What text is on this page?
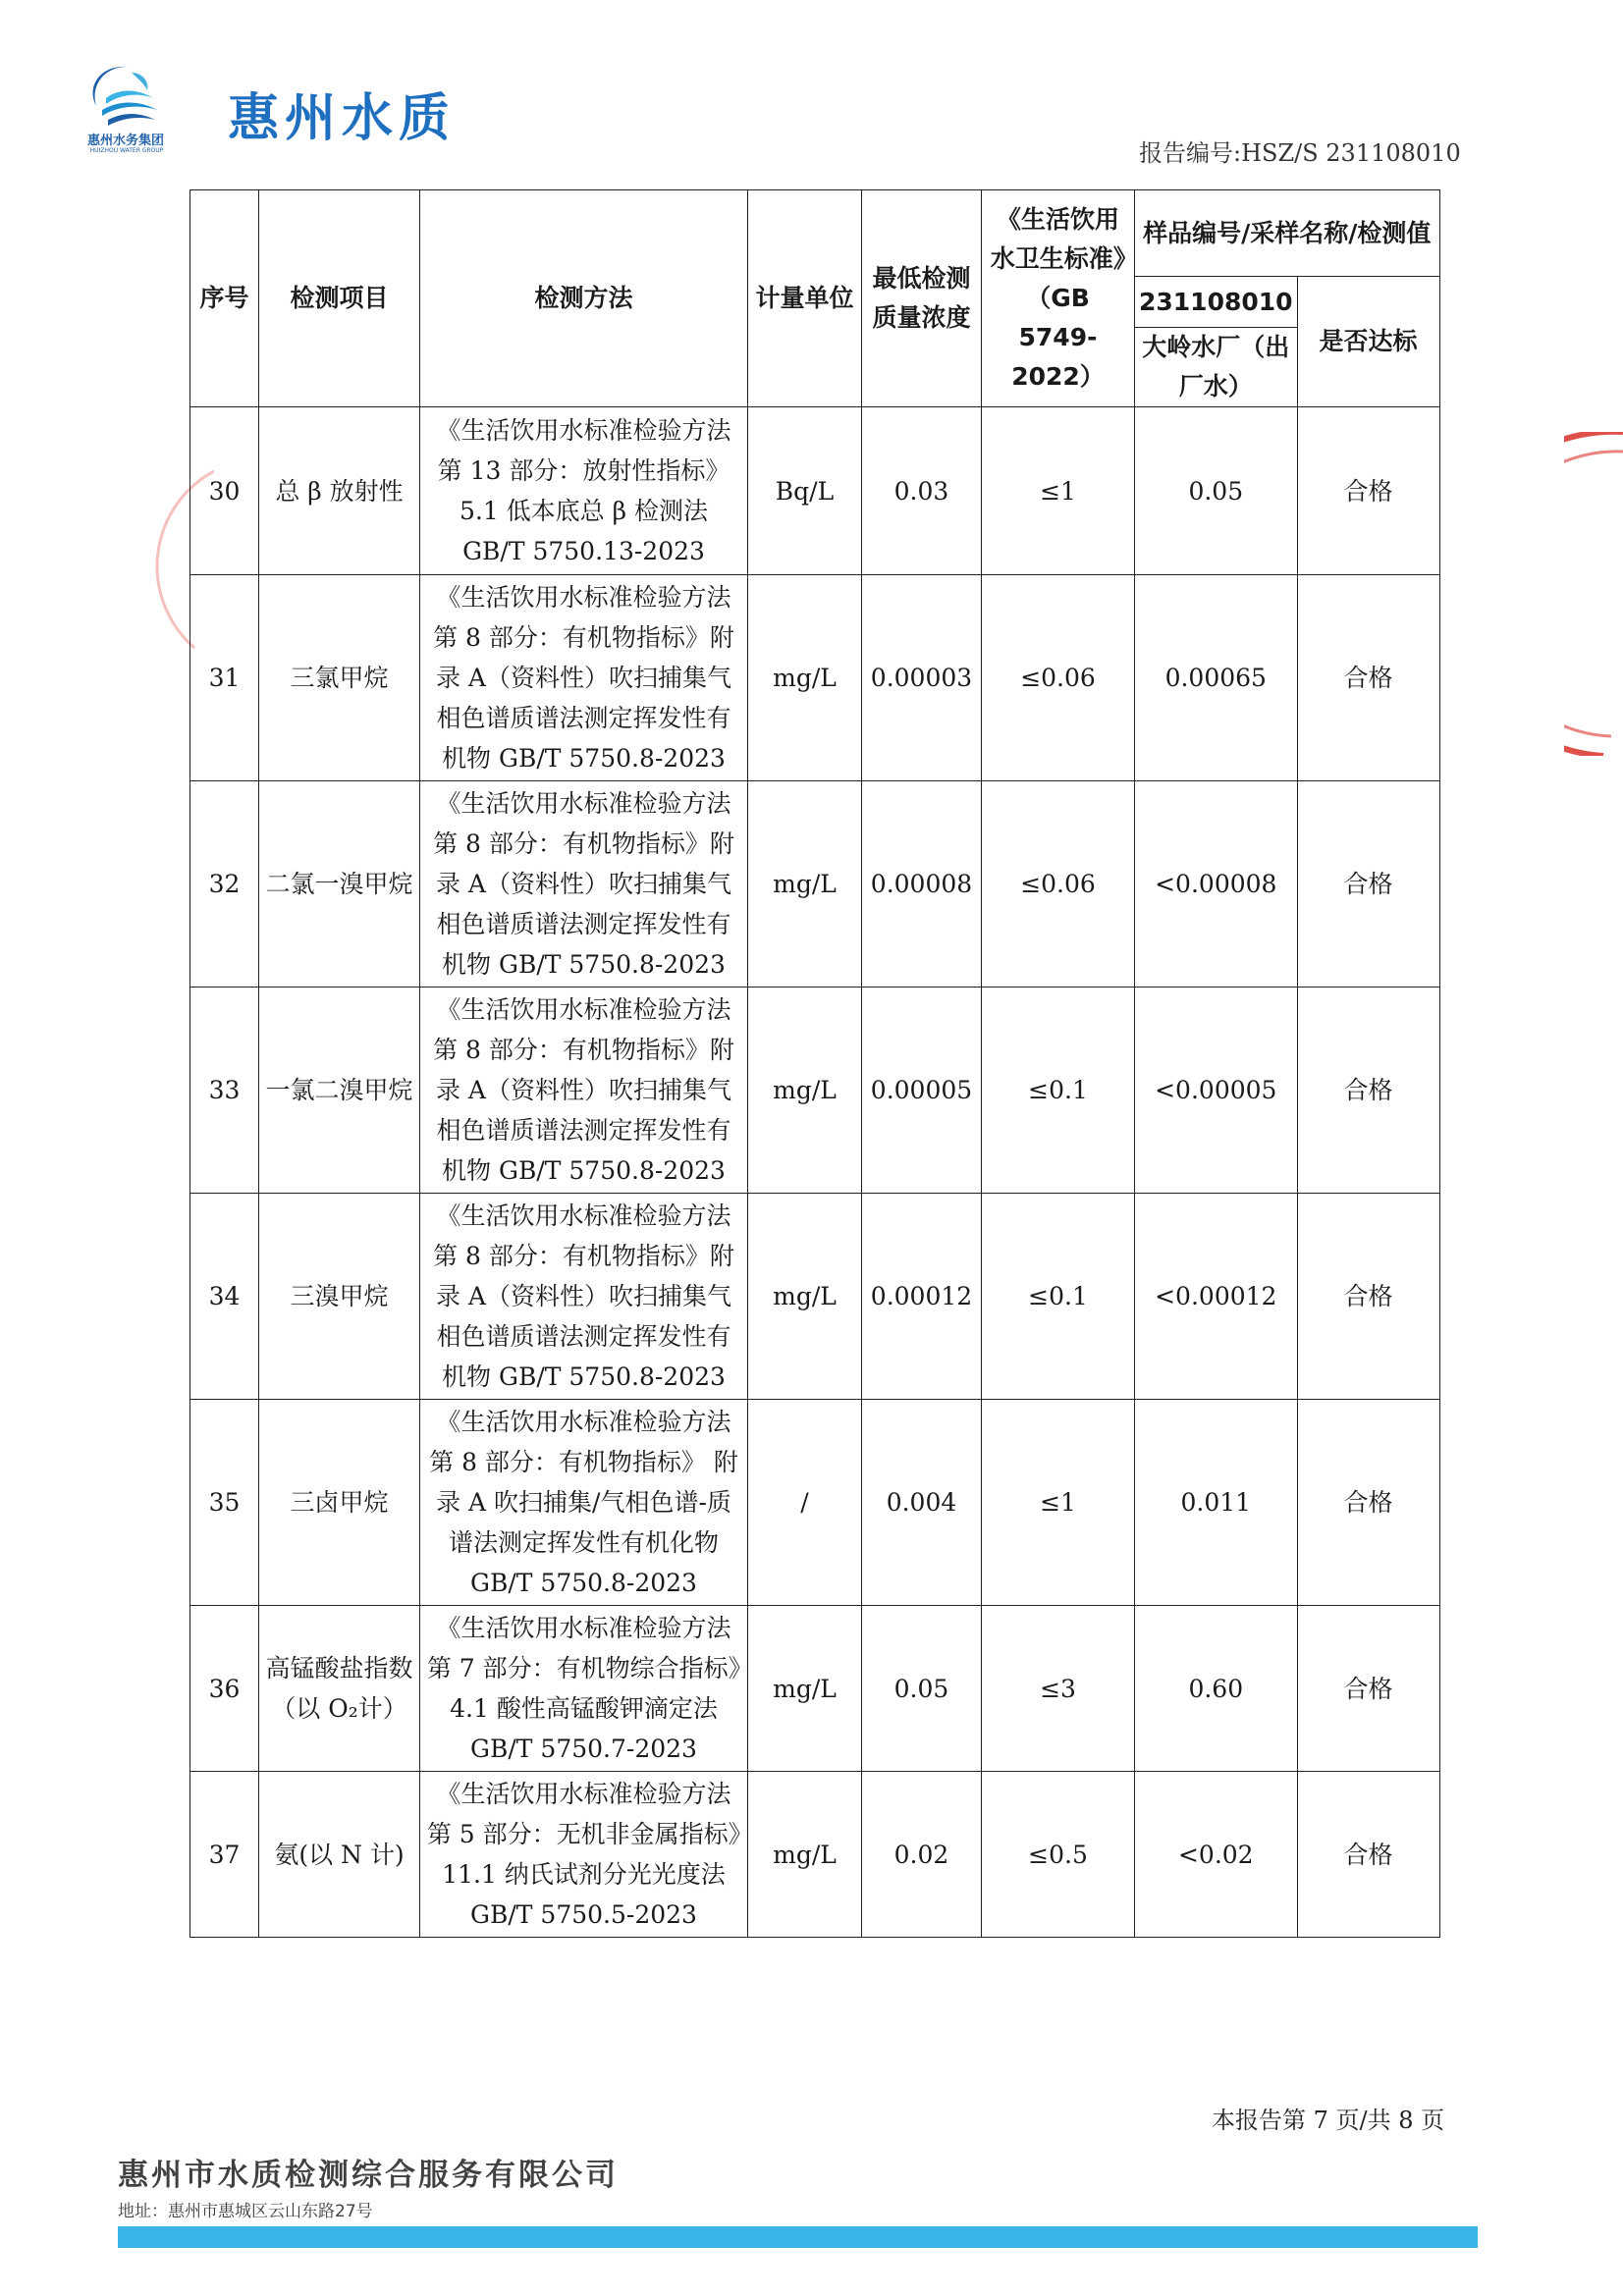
惠州水务集团
HUIZHOU WATER GROUP
惠州水质
报告编号:HSZ/S 231108010
序号	检测项目	检测方法	计量单位	最低检测质量浓度	《生活饮用水卫生标准》（GB 5749-2022）	样品编号/采样名称/检测值	
						231108010	是否达标
						大岭水厂（出厂水）	
30	总 β 放射性	《生活饮用水标准检验方法 第 13 部分：放射性指标》 5.1 低本底总 β 检测法 GB/T 5750.13-2023	Bq/L	0.03	≤1	0.05	合格
31	三氯甲烷	《生活饮用水标准检验方法 第 8 部分：有机物指标》附录 A（资料性）吹扫捕集气相色谱质谱法测定挥发性有机物 GB/T 5750.8-2023	mg/L	0.00003	≤0.06	0.00065	合格
32	二氯一溴甲烷	《生活饮用水标准检验方法 第 8 部分：有机物指标》附录 A（资料性）吹扫捕集气相色谱质谱法测定挥发性有机物 GB/T 5750.8-2023	mg/L	0.00008	≤0.06	<0.00008	合格
33	一氯二溴甲烷	《生活饮用水标准检验方法 第 8 部分：有机物指标》附录 A（资料性）吹扫捕集气相色谱质谱法测定挥发性有机物 GB/T 5750.8-2023	mg/L	0.00005	≤0.1	<0.00005	合格
34	三溴甲烷	《生活饮用水标准检验方法 第 8 部分：有机物指标》附录 A（资料性）吹扫捕集气相色谱质谱法测定挥发性有机物 GB/T 5750.8-2023	mg/L	0.00012	≤0.1	<0.00012	合格
35	三卤甲烷	《生活饮用水标准检验方法 第 8 部分：有机物指标》 附录 A 吹扫捕集/气相色谱-质谱法测定挥发性有机化物 GB/T 5750.8-2023	/	0.004	≤1	0.011	合格
36	高锰酸盐指数（以 O₂计）	《生活饮用水标准检验方法 第 7 部分：有机物综合指标》4.1 酸性高锰酸钾滴定法 GB/T 5750.7-2023	mg/L	0.05	≤3	0.60	合格
37	氨(以 N 计)	《生活饮用水标准检验方法 第 5 部分：无机非金属指标》11.1 纳氏试剂分光光度法 GB/T 5750.5-2023	mg/L	0.02	≤0.5	<0.02	合格
本报告第 7 页/共 8 页
惠州市水质检测综合服务有限公司
地址：惠州市惠城区云山东路27号
